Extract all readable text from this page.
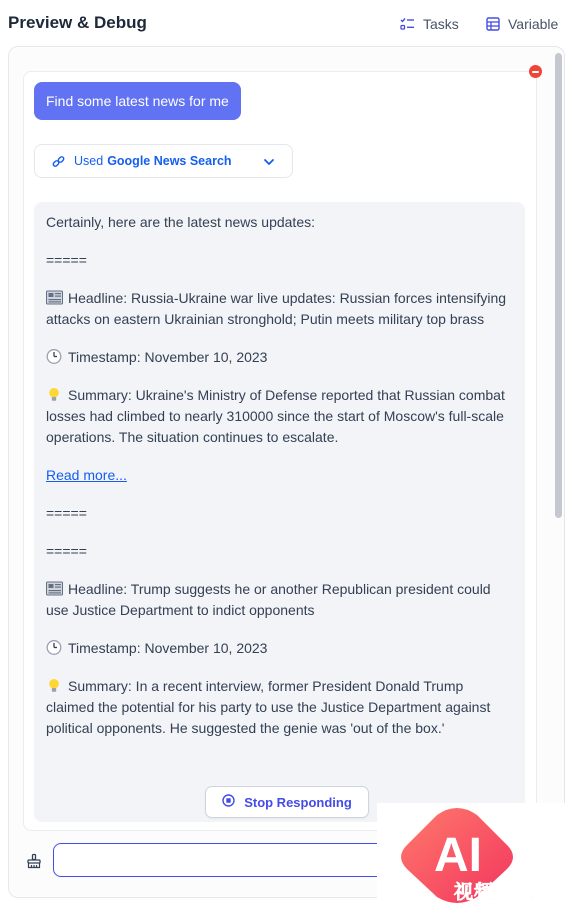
Preview & Debug	Tasks	Variable
Find some latest news for me
Used Google News Search

Certainly, here are the latest news updates:

=====

Headline: Russia-Ukraine war live updates: Russian forces intensifying attacks on eastern Ukrainian stronghold; Putin meets military top brass

Timestamp: November 10, 2023

Summary: Ukraine's Ministry of Defense reported that Russian combat losses had climbed to nearly 310000 since the start of Moscow's full-scale operations. The situation continues to escalate.

Read more...

=====

=====

Headline: Trump suggests he or another Republican president could use Justice Department to indict opponents

Timestamp: November 10, 2023

Summary: In a recent interview, former President Donald Trump claimed the potential for his party to use the Justice Department against political opponents. He suggested the genie was 'out of the box.'

Stop Responding
AI
视频贴吧
